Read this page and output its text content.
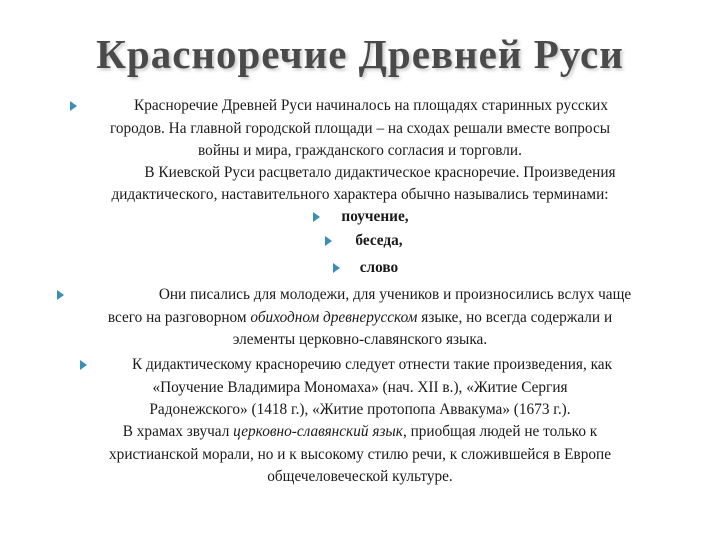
Красноречие Древней Руси
Красноречие Древней Руси начиналось на площадях старинных русских
городов. На главной городской площади – на сходах решали вместе вопросы
войны и мира, гражданского согласия и торговли.
В Киевской Руси расцветало дидактическое красноречие. Произведения
дидактического, наставительного характера обычно назывались терминами:
поучение,
беседа,
слово
Они писались для молодежи, для учеников и произносились вслух чаще
всего на разговорном обиходном древнерусском языке, но всегда содержали и
элементы церковно-славянского языка.
К дидактическому красноречию следует отнести такие произведения, как
«Поучение Владимира Мономаха» (нач. XII в.), «Житие Сергия
Радонежского» (1418 г.), «Житие протопопа Аввакума» (1673 г.).
В храмах звучал церковно-славянский язык, приобщая людей не только к
христианской морали, но и к высокому стилю речи, к сложившейся в Европе
общечеловеческой культуре.
